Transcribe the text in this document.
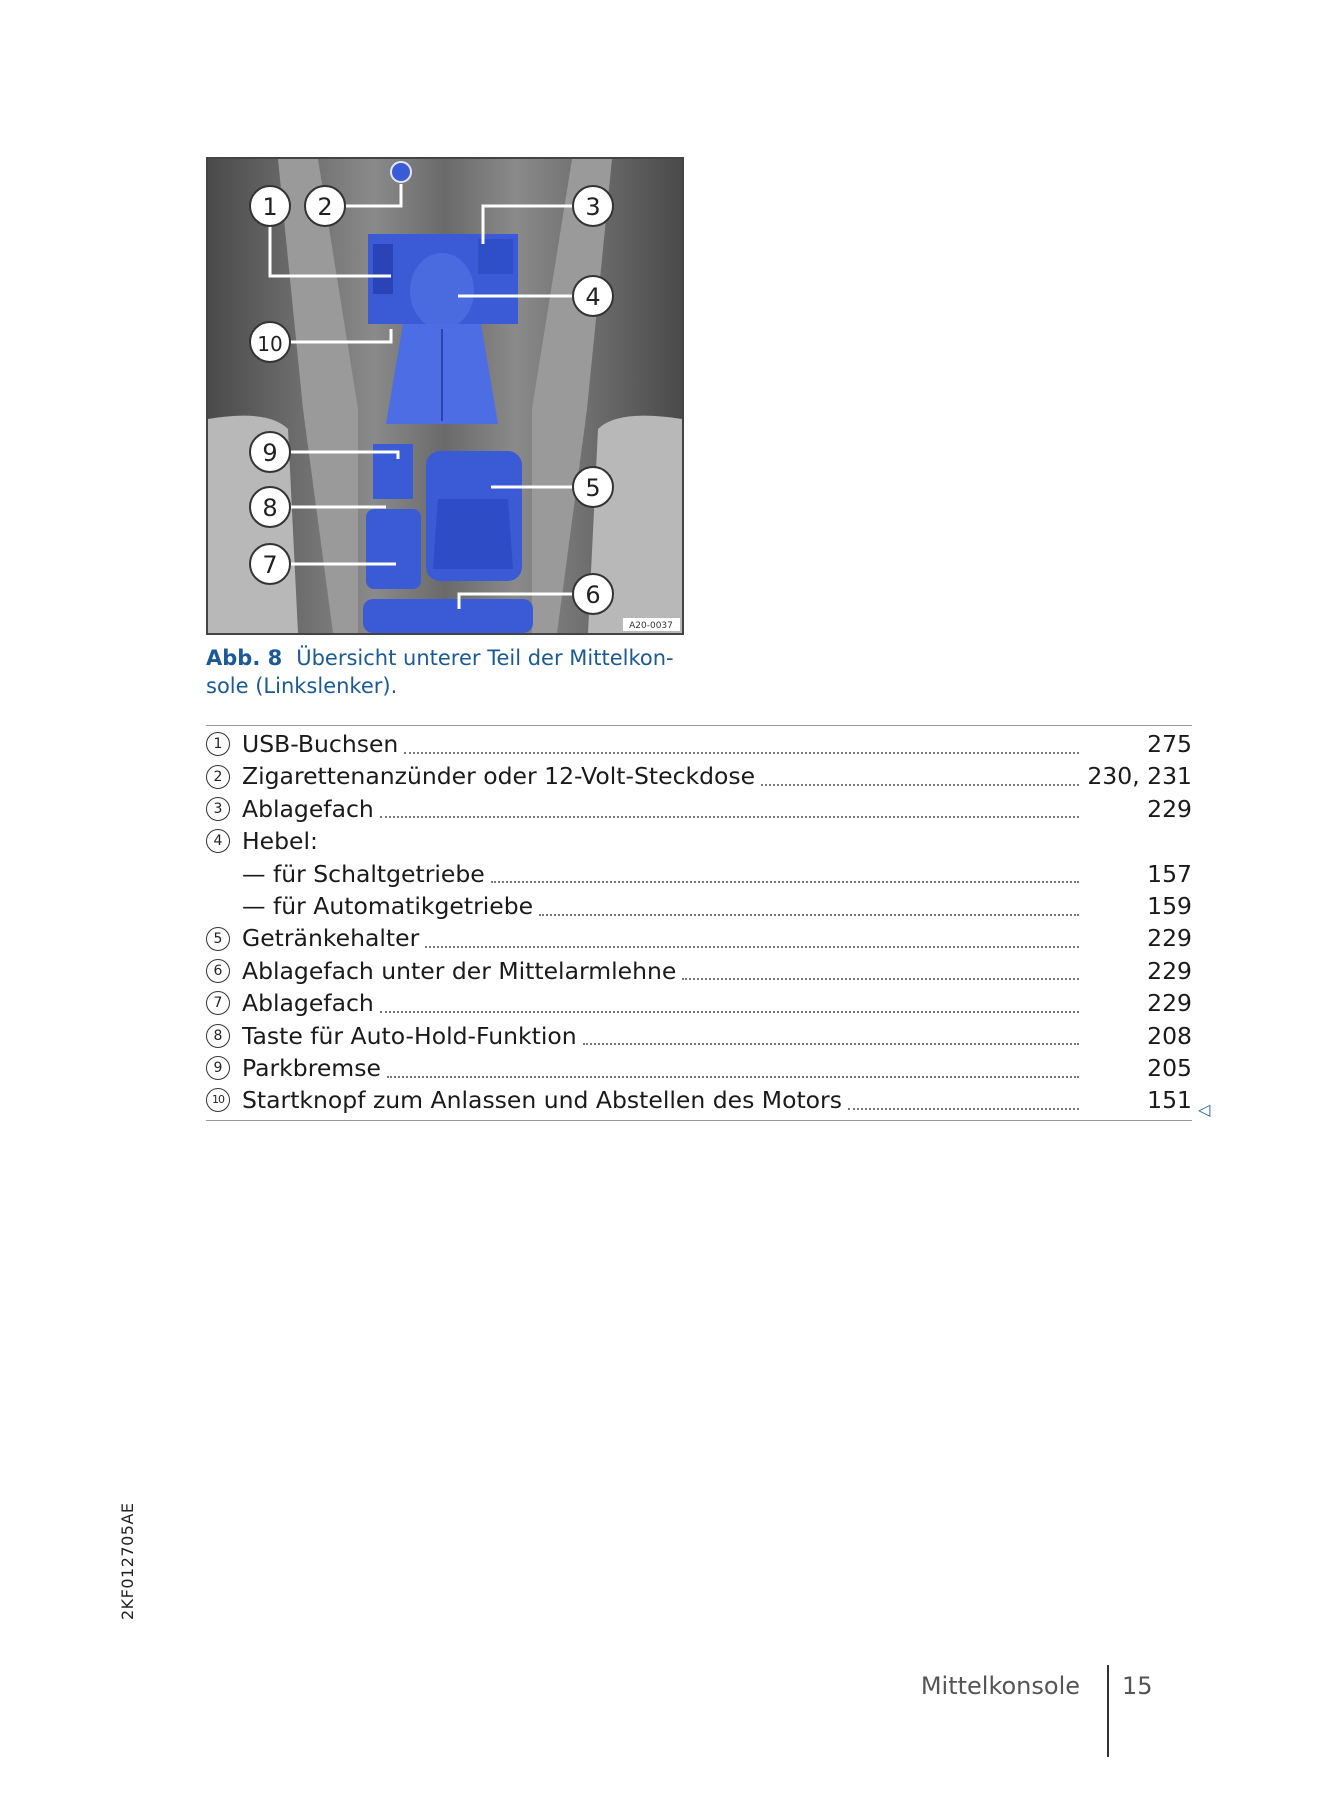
A20-0037
1 2	3
4
5
6
7
8
9
10
Abb. 8 Übersicht unterer Teil der Mittelkon-sole (Linkslenker).
1 USB-Buchsen	275
2 Zigarettenanzünder oder 12-Volt-Steckdose	230, 231
3 Ablagefach	229
4 Hebel:
— für Schaltgetriebe	157
— für Automatikgetriebe	159
5 Getränkehalter	229
6 Ablagefach unter der Mittelarmlehne	229
7 Ablagefach	229
8 Taste für Auto-Hold-Funktion	208
9 Parkbremse	205
10 Startknopf zum Anlassen und Abstellen des Motors	151 ◁
2KF012705AE
Mittelkonsole 15
